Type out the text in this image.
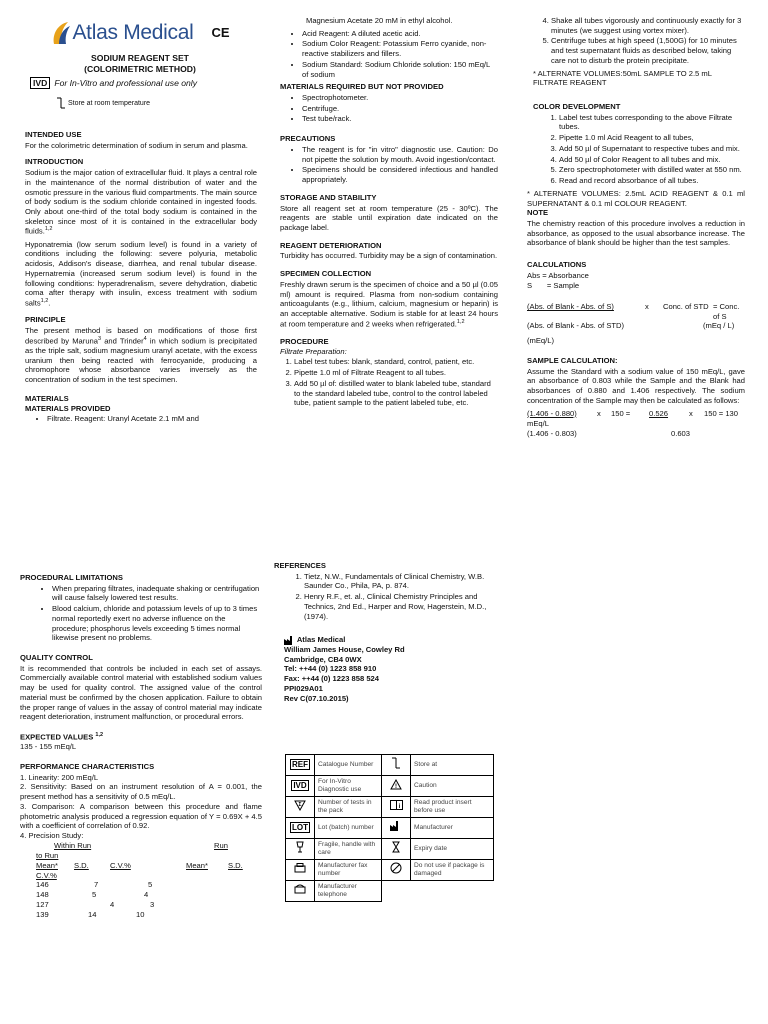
Atlas Medical CE
SODIUM REAGENT SET
(COLORIMETRIC METHOD)
IVD For In-Vitro and professional use only
Store at room temperature
INTENDED USE

For the colorimetric determination of sodium in serum and plasma.

INTRODUCTION

Sodium is the major cation of extracellular fluid. It plays a central role in the maintenance of the normal distribution of water and the osmotic pressure in the various fluid compartments. The main source of body sodium is the sodium chloride contained in ingested foods. Only about one-third of the total body sodium is contained in the skeleton since most of it is contained in the extracellular body fluids.$^{1,2}$

Hyponatremia (low serum sodium level) is found in a variety of conditions including the following: severe polyuria, metabolic acidosis, Addison's disease, diarrhea, and renal tubular disease. Hypernatremia (increased serum sodium level) is found in the following conditions: hyperadrenalism, severe dehydration, diabetic coma after therapy with insulin, excess treatment with sodium salts$^{1,2}$.

PRINCIPLE

The present method is based on modifications of those first described by Maruna$^3$ and Trinder$^4$ in which sodium is precipitated as the triple salt, sodium magnesium uranyl acetate, with the excess uranium then being reacted with ferrocyanide, producing a chromophore whose absorbance varies inversely as the concentration of sodium in the test specimen.

MATERIALS
MATERIALS PROVIDED
• Filtrate. Reagent: Uranyl Acetate 2.1 mM and

Magnesium Acetate 20 mM in ethyl alcohol.

• Acid Reagent: A diluted acetic acid.
• Sodium Color Reagent: Potassium Ferro cyanide, non-reactive stabilizers and fillers.
• Sodium Standard: Sodium Chloride solution: 150 mEq/L of sodium
MATERIALS REQUIRED BUT NOT PROVIDED
• Spectrophotometer.
• Centrifuge.
• Test tube/rack.
PRECAUTIONS
• The reagent is for "in vitro" diagnostic use. Caution: Do not pipette the solution by mouth. Avoid ingestion/contact.
• Specimens should be considered infectious and handled appropriately.
STORAGE AND STABILITY

Store all reagent set at room temperature (25 - 30ºC). The reagents are stable until expiration date indicated on the package label.

REAGENT DETERIORATION

Turbidity has occurred. Turbidity may be a sign of contamination.

SPECIMEN COLLECTION

Freshly drawn serum is the specimen of choice and a 50 µl (0.05 ml) amount is required. Plasma from non-sodium containing anticoagulants (e.g., lithium, calcium, magnesium or heparin) is an acceptable alternative. Sodium is stable for at least 24 hours at room temperature and 2 weeks when refrigerated.$^{1,2}$

PROCEDURE
Filtrate Preparation:
1. Label test tubes: blank, standard, control, patient, etc.
2. Pipette 1.0 ml of Filtrate Reagent to all tubes.
3. Add 50 µl of: distilled water to blank labeled tube, standard to the standard labeled tube, control to the control labeled tube, patient sample to the patient labeled tube, etc.
4. Shake all tubes vigorously and continuously exactly for 3 minutes (we suggest using vortex mixer).
5. Centrifuge tubes at high speed (1,500G) for 10 minutes and test supernatant fluids as described below, taking care not to disturb the protein precipitate.
* ALTERNATE VOLUMES:50mL SAMPLE TO 2.5 mL
FILTRATE REAGENT
COLOR DEVELOPMENT
1. Label test tubes corresponding to the above Filtrate tubes.
2. Pipette 1.0 ml Acid Reagent to all tubes,
3. Add 50 µl of Supernatant to respective tubes and mix.
4. Add 50 µl of Color Reagent to all tubes and mix.
5. Zero spectrophotometer with distilled water at 550 nm.
6. Read and record absorbance of all tubes.

* ALTERNATE VOLUMES: 2.5mL ACID REAGENT & 0.1 ml SUPERNATANT & 0.1 ml COLOUR REAGENT.

NOTE

The chemistry reaction of this procedure involves a reduction in absorbance, as opposed to the usual absorbance increase. The absorbance of blank should be higher than the test samples.

CALCULATIONS
Abs = Absorbance
S       = Sample
(Abs. of Blank - Abs. of S)	x Conc. of STD = Conc. of S
(Abs. of Blank - Abs. of STD)	(mEq / L)
(mEq/L)
SAMPLE CALCULATION:

Assume the Standard with a sodium value of 150 mEq/L, gave an absorbance of 0.803 while the Sample and the Blank had absorbances of 0.880 and 1.406 respectively. The sodium concentration of the Sample may then be calculated as follows:

(1.406 - 0.880)	x 150 = 0.526	x 150 = 130
mEq/L
(1.406 - 0.803)	0.603
PROCEDURAL LIMITATIONS
• When preparing filtrates, inadequate shaking or centrifugation will cause falsely lowered test results.
• Blood calcium, chloride and potassium levels of up to 3 times normal reportedly exert no adverse influence on the procedure; phosphorus levels exceeding 5 times normal likewise present no problems.
QUALITY CONTROL

It is recommended that controls be included in each set of assays. Commercially available control material with established sodium values may be used for quality control. The assigned value of the control material must be confirmed by the chosen application. Failure to obtain the proper range of values in the assay of control material may indicate reagent deterioration, instrument malfunction, or procedural errors.

EXPECTED VALUES $^{1,2}$
135 - 155 mEq/L
PERFORMANCE CHARACTERISTICS
1. Linearity: 200 mEq/L

2. Sensitivity: Based on an instrument resolution of A = 0.001, the present method has a sensitivity of 0.5 mEq/L.

3. Comparison: A comparison between this procedure and flame photometric analysis produced a regression equation of Y = 0.69X + 4.5 with a coefficient of correlation of 0.92.

4. Precision Study:
Within Run	Run
to Run
Mean* S.D.	C.V.%	Mean*	S.D.
C.V.%
146	7	5
148	5	4
127	4	3
139	14	10
REFERENCES
1. Tietz, N.W., Fundamentals of Clinical Chemistry, W.B. Saunder Co., Phila, PA, p. 874.
2. Henry R.F., et. al., Clinical Chemistry Principles and Technics, 2nd Ed., Harper and Row, Hagerstein, M.D., (1974).
Atlas Medical
William James House, Cowley Rd
Cambridge, CB4 0WX
Tel: ++44 (0) 1223 858 910
Fax: ++44 (0) 1223 858 524
PPI029A01
Rev C(07.10.2015)
REF	Catalogue Number		Store at
IVD	For In-Vitro Diagnostic use	!	Caution

Σ	Number of tests in the pack	i	Read product insert before use
LOT	Lot (batch) number		Manufacturer
	Fragile, handle with care		Expiry date
	Manufacturer fax number		Do not use if package is damaged
	Manufacturer telephone		
